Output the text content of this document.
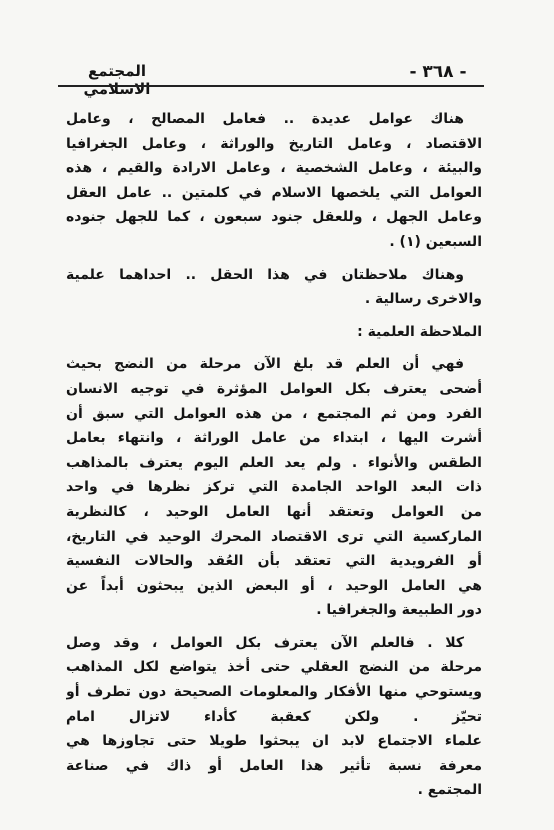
- ٣٦٨ -
المجتمع الاسلامي
هناك عوامل عديدة .. فعامل المصالح ، وعامل
الاقتصاد ، وعامل التاريخ والوراثة ، وعامل الجغرافيا
والبيئة ، وعامل الشخصية ، وعامل الارادة والقيم ، هذه
العوامل التي يلخصها الاسلام في كلمتين .. عامل العقل
وعامل الجهل ، وللعقل جنود سبعون ، كما للجهل جنوده
السبعين (١) .
وهناك ملاحظتان في هذا الحقل .. احداهما علمية
والاخرى رسالية .
الملاحظة العلمية :
فهي أن العلم قد بلغ الآن مرحلة من النضج بحيث
أضحى يعترف بكل العوامل المؤثرة في توجيه الانسان
الفرد ومن ثم المجتمع ، من هذه العوامل التي سبق أن
أشرت اليها ، ابتداء من عامل الوراثة ، وانتهاء بعامل
الطقس والأنواء . ولم يعد العلم اليوم يعترف بالمذاهب
ذات البعد الواحد الجامدة التي تركز نظرها في واحد
من العوامل وتعتقد أنها العامل الوحيد ، كالنظرية
الماركسية التي ترى الاقتصاد المحرك الوحيد في التاريخ،
أو الفرويدية التي تعتقد بأن العُقد والحالات النفسية
هي العامل الوحيد ، أو البعض الذين يبحثون أبداً عن
دور الطبيعة والجغرافيا .
كلا . فالعلم الآن يعترف بكل العوامل ، وقد وصل
مرحلة من النضج العقلي حتى أخذ يتواضع لكل المذاهب
ويستوحي منها الأفكار والمعلومات الصحيحة دون تطرف أو
تحيّز . ولكن كعقبة كأداء لاتزال امام
علماء الاجتماع لابد ان يبحثوا طويلا حتى تجاوزها هي
معرفة نسبة تأثير هذا العامل أو ذاك في صناعة
المجتمع .
